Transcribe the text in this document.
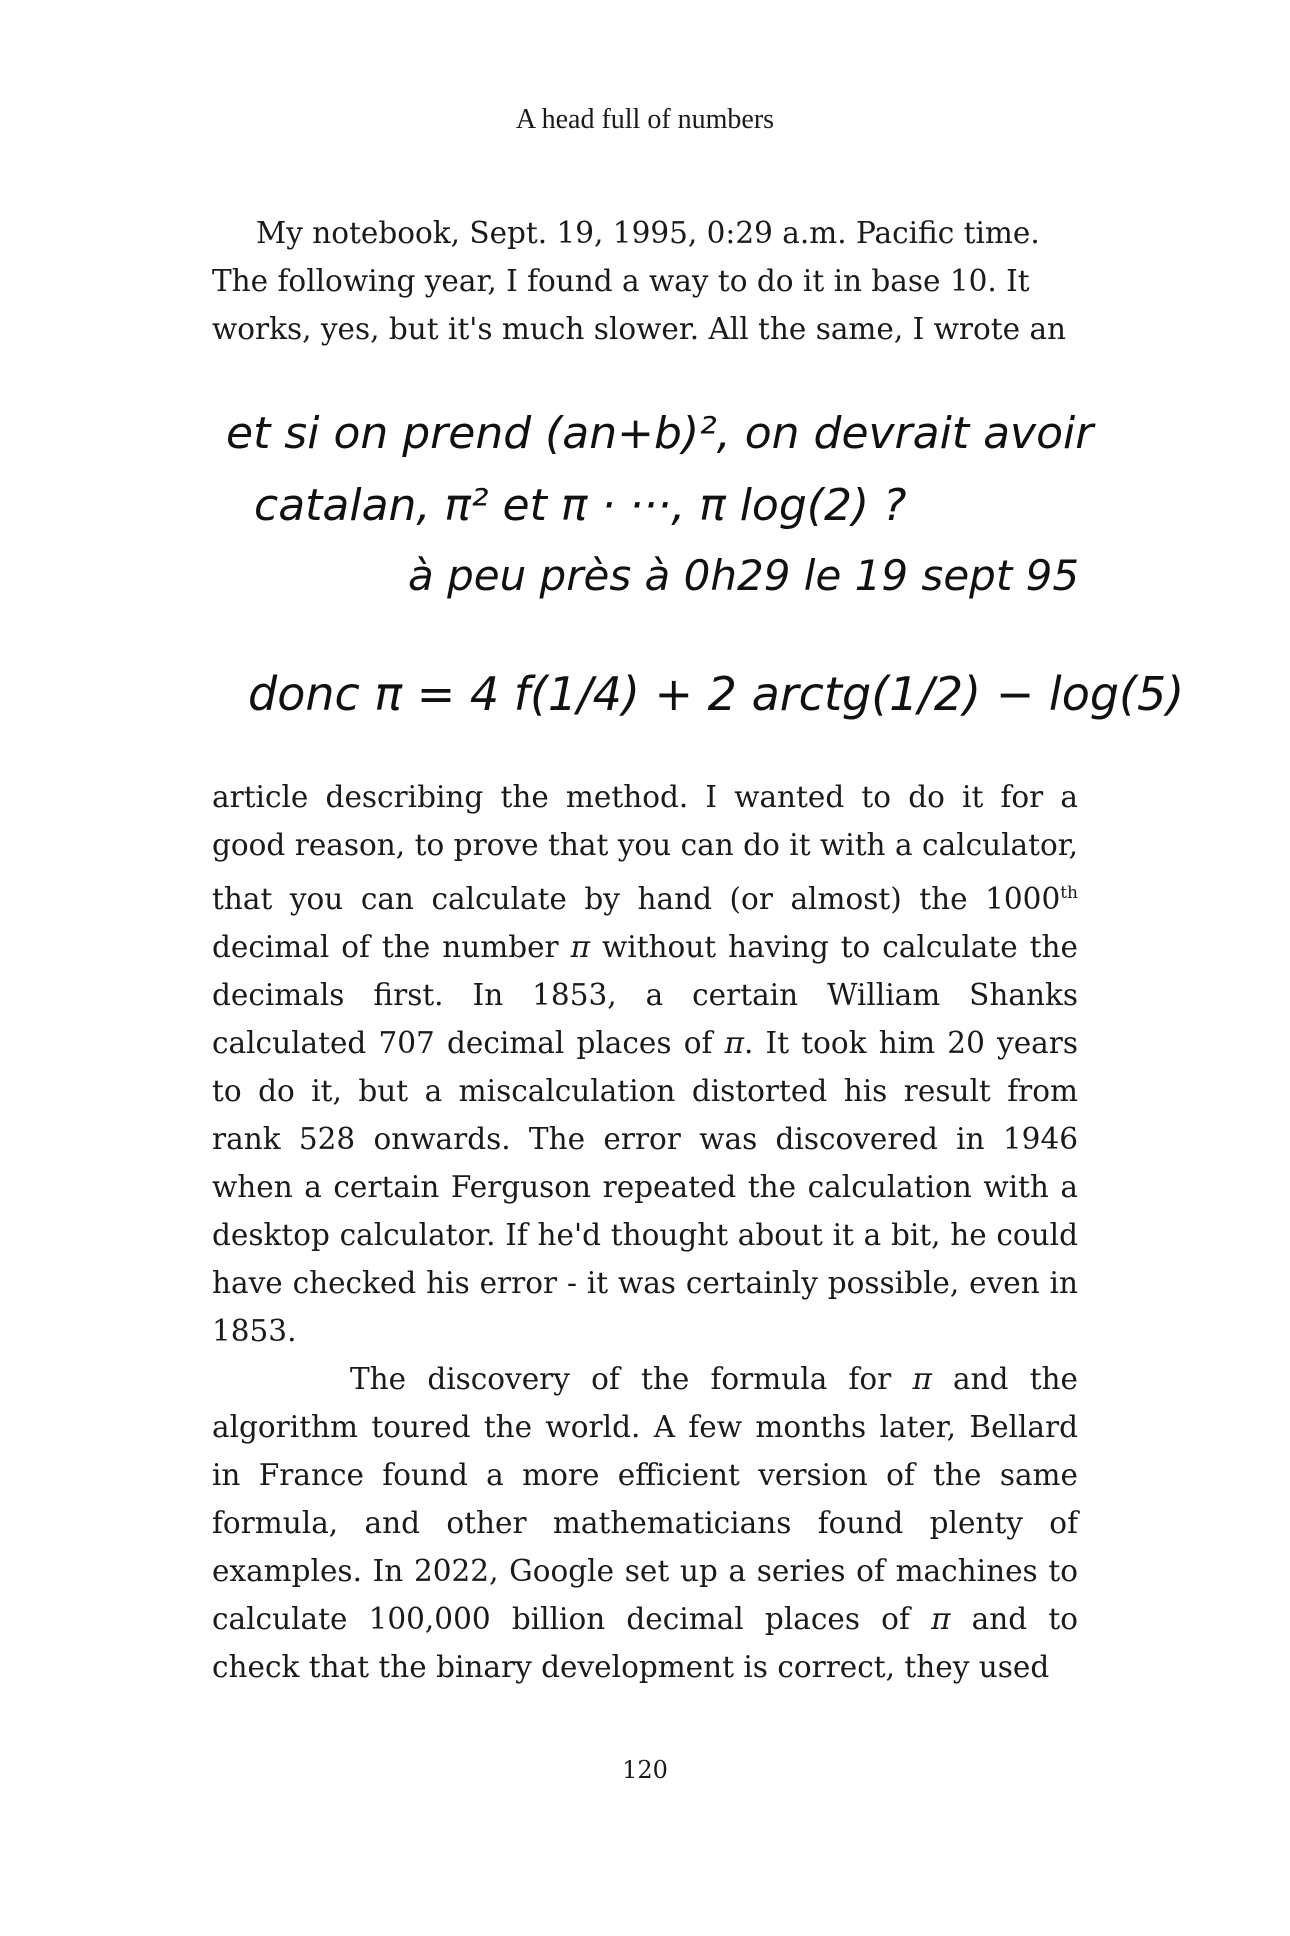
A head full of numbers

My notebook, Sept. 19, 1995, 0:29 a.m. Pacific time. The following year, I found a way to do it in base 10. It works, yes, but it's much slower. All the same, I wrote an

et si on prend (an+b)², on devrait avoir
catalan, π² et π · ···, π log(2) ?
à peu près à 0h29 le 19 sept 95
donc π = 4 f(1/4) + 2 arctg(1/2) − log(5)

article describing the method. I wanted to do it for a good reason, to prove that you can do it with a calculator, that you can calculate by hand (or almost) the 1000th decimal of the number π without having to calculate the decimals first. In 1853, a certain William Shanks calculated 707 decimal places of π. It took him 20 years to do it, but a miscalculation distorted his result from rank 528 onwards. The error was discovered in 1946 when a certain Ferguson repeated the calculation with a desktop calculator. If he'd thought about it a bit, he could have checked his error - it was certainly possible, even in 1853.

The discovery of the formula for π and the algorithm toured the world. A few months later, Bellard in France found a more efficient version of the same formula, and other mathematicians found plenty of examples. In 2022, Google set up a series of machines to calculate 100,000 billion decimal places of π and to check that the binary development is correct, they used

120
